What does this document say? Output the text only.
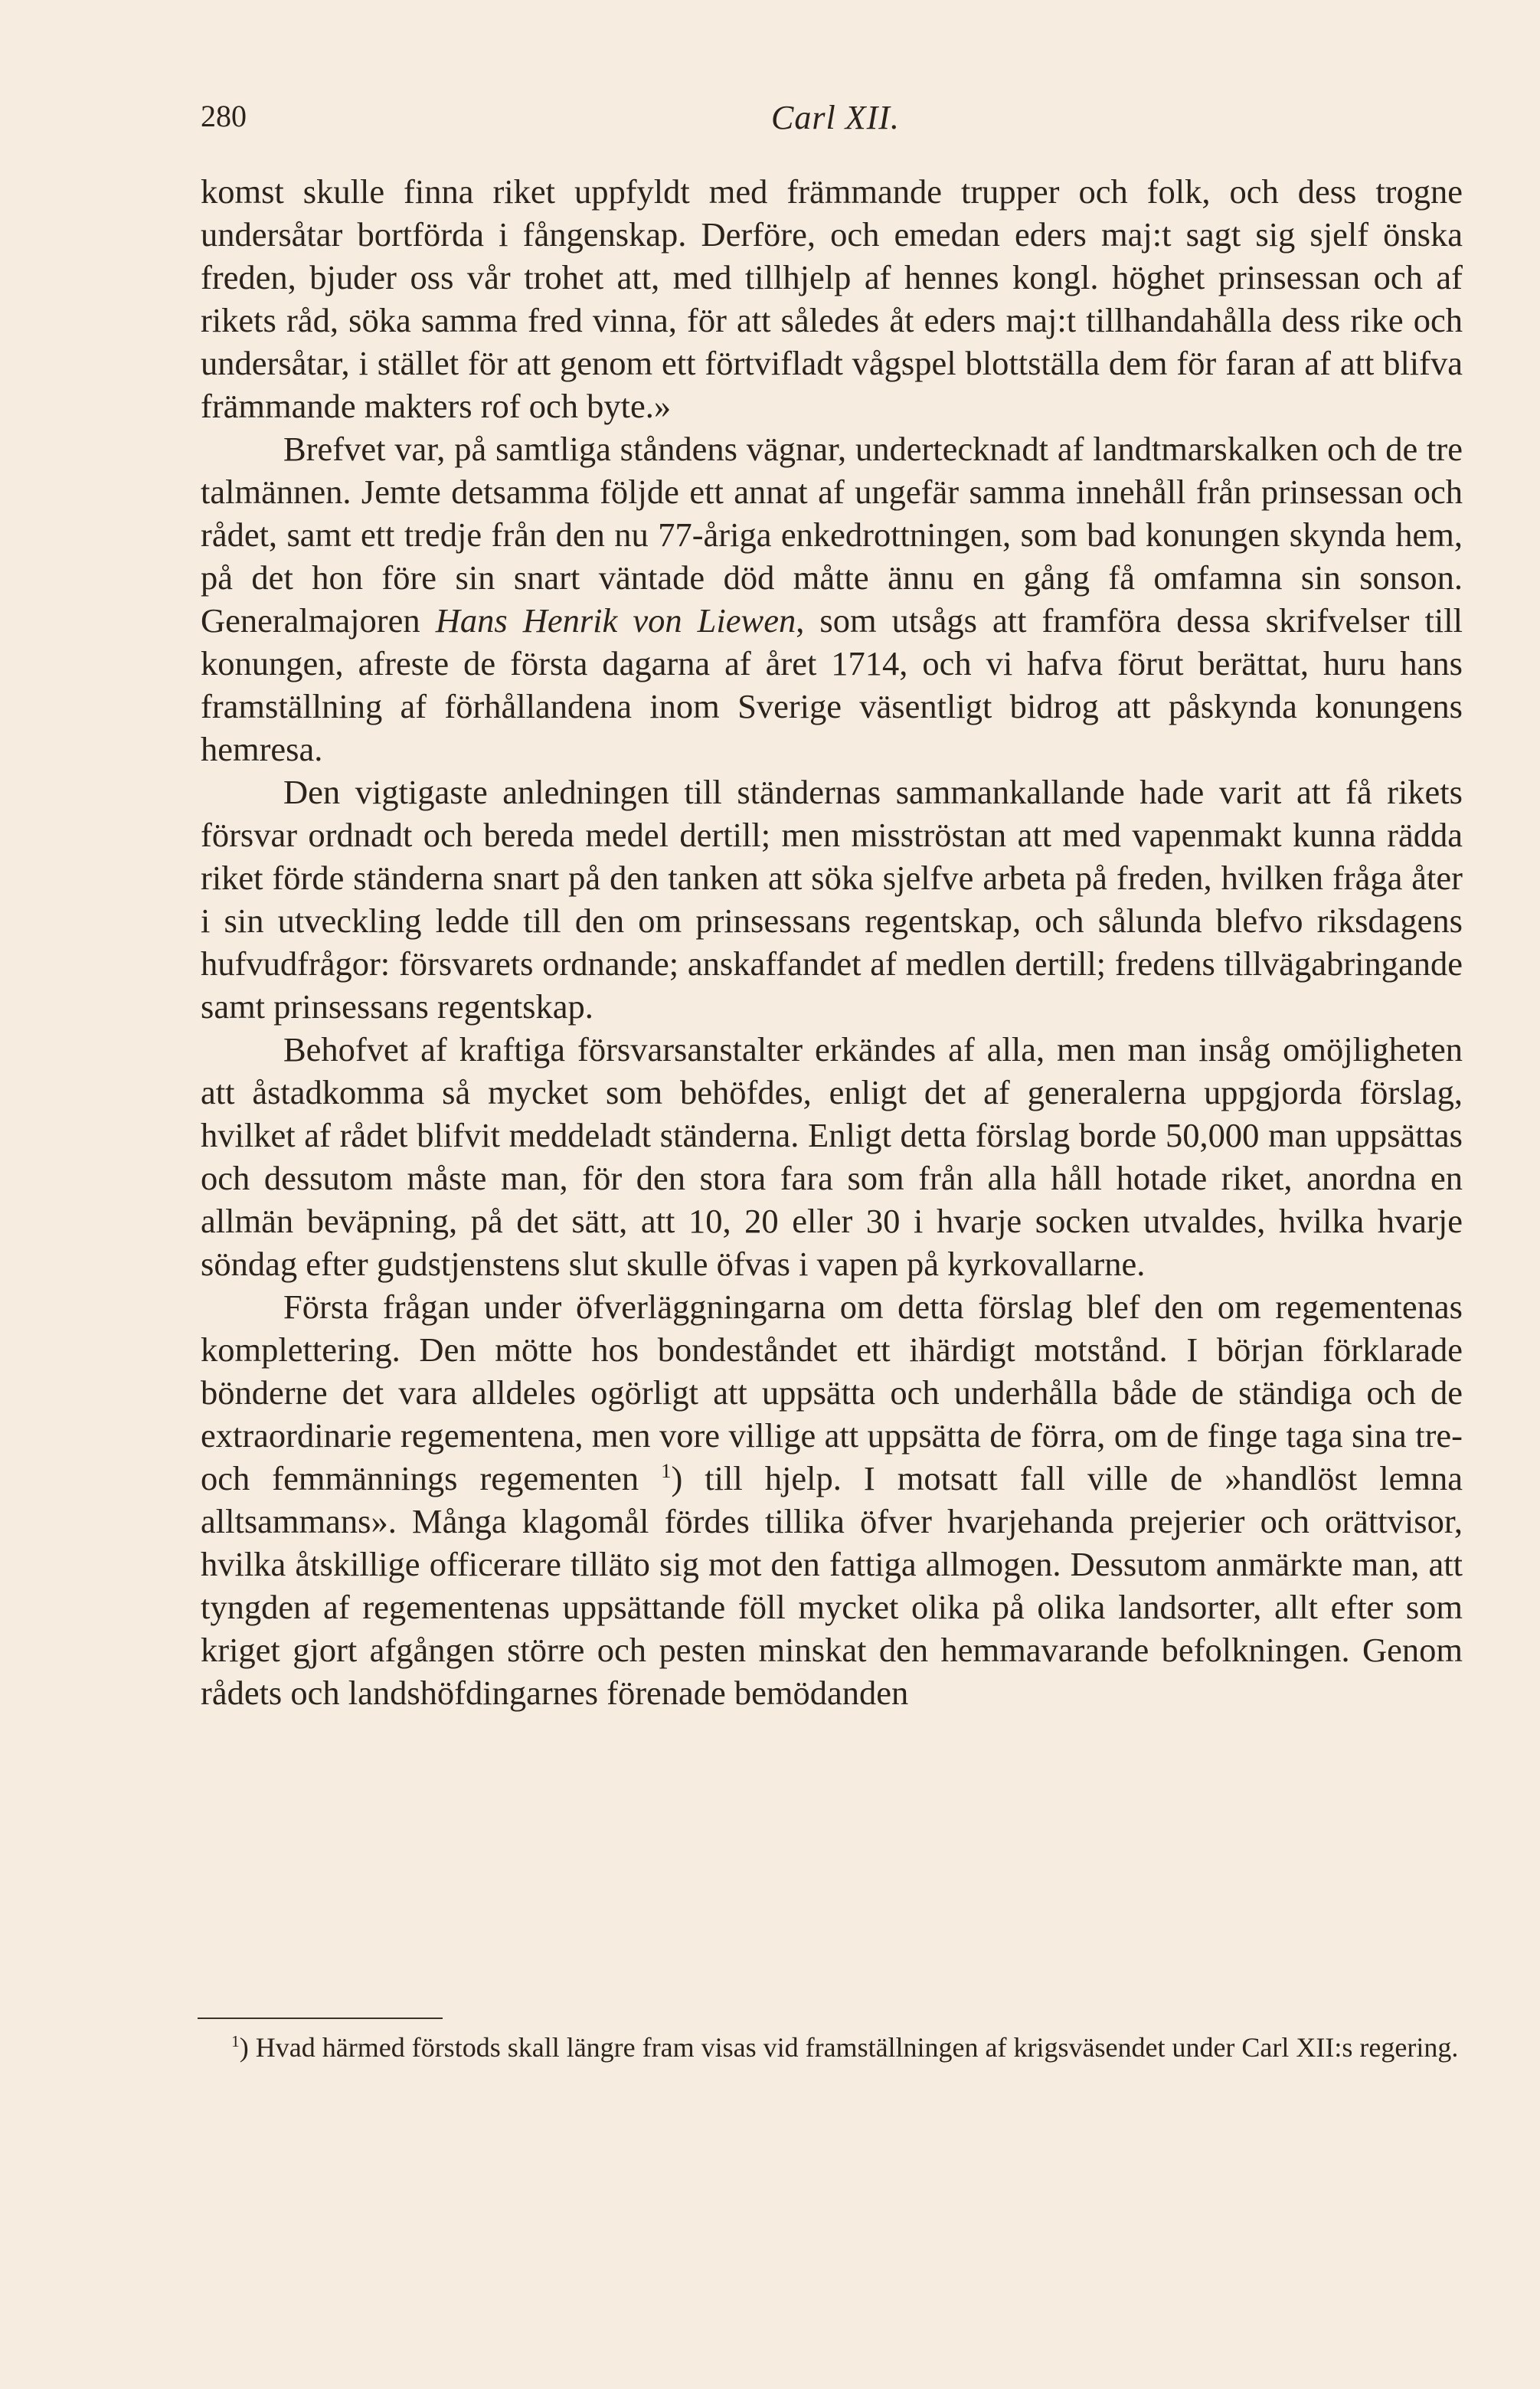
280	Carl XII.

komst skulle finna riket uppfyldt med främmande trupper och folk, och dess trogne undersåtar bortförda i fångenskap. Derföre, och emedan eders maj:t sagt sig sjelf önska freden, bjuder oss vår trohet att, med tillhjelp af hennes kongl. höghet prinsessan och af rikets råd, söka samma fred vinna, för att således åt eders maj:t tillhandahålla dess rike och undersåtar, i stället för att genom ett förtvifladt vågspel blottställa dem för faran af att blifva främmande makters rof och byte.»

Brefvet var, på samtliga ståndens vägnar, undertecknadt af landtmarskalken och de tre talmännen. Jemte detsamma följde ett annat af ungefär samma innehåll från prinsessan och rådet, samt ett tredje från den nu 77-åriga enkedrottningen, som bad konungen skynda hem, på det hon före sin snart väntade död måtte ännu en gång få omfamna sin sonson. Generalmajoren Hans Henrik von Liewen, som utsågs att framföra dessa skrifvelser till konungen, afreste de första dagarna af året 1714, och vi hafva förut berättat, huru hans framställning af förhållandena inom Sverige väsentligt bidrog att påskynda konungens hemresa.

Den vigtigaste anledningen till ständernas sammankallande hade varit att få rikets försvar ordnadt och bereda medel dertill; men misströstan att med vapenmakt kunna rädda riket förde ständerna snart på den tanken att söka sjelfve arbeta på freden, hvilken fråga åter i sin utveckling ledde till den om prinsessans regentskap, och sålunda blefvo riksdagens hufvudfrågor: försvarets ordnande; anskaffandet af medlen dertill; fredens tillvägabringande samt prinsessans regentskap.

Behofvet af kraftiga försvarsanstalter erkändes af alla, men man insåg omöjligheten att åstadkomma så mycket som behöfdes, enligt det af generalerna uppgjorda förslag, hvilket af rådet blifvit meddeladt ständerna. Enligt detta förslag borde 50,000 man uppsättas och dessutom måste man, för den stora fara som från alla håll hotade riket, anordna en allmän beväpning, på det sätt, att 10, 20 eller 30 i hvarje socken utvaldes, hvilka hvarje söndag efter gudstjenstens slut skulle öfvas i vapen på kyrkovallarne.

Första frågan under öfverläggningarna om detta förslag blef den om regementenas komplettering. Den mötte hos bondeståndet ett ihärdigt motstånd. I början förklarade bönderne det vara alldeles ogörligt att uppsätta och underhålla både de ständiga och de extraordinarie regementena, men vore villige att uppsätta de förra, om de finge taga sina tre- och femmännings regementen $^1$) till hjelp. I motsatt fall ville de »handlöst lemna alltsammans». Många klagomål fördes tillika öfver hvarjehanda prejerier och orättvisor, hvilka åtskillige officerare tilläto sig mot den fattiga allmogen. Dessutom anmärkte man, att tyngden af regementenas uppsättande föll mycket olika på olika landsorter, allt efter som kriget gjort afgången större och pesten minskat den hemmavarande befolkningen. Genom rådets och landshöfdingarnes förenade bemödanden

$^1$) Hvad härmed förstods skall längre fram visas vid framställningen af krigsväsendet under Carl XII:s regering.
